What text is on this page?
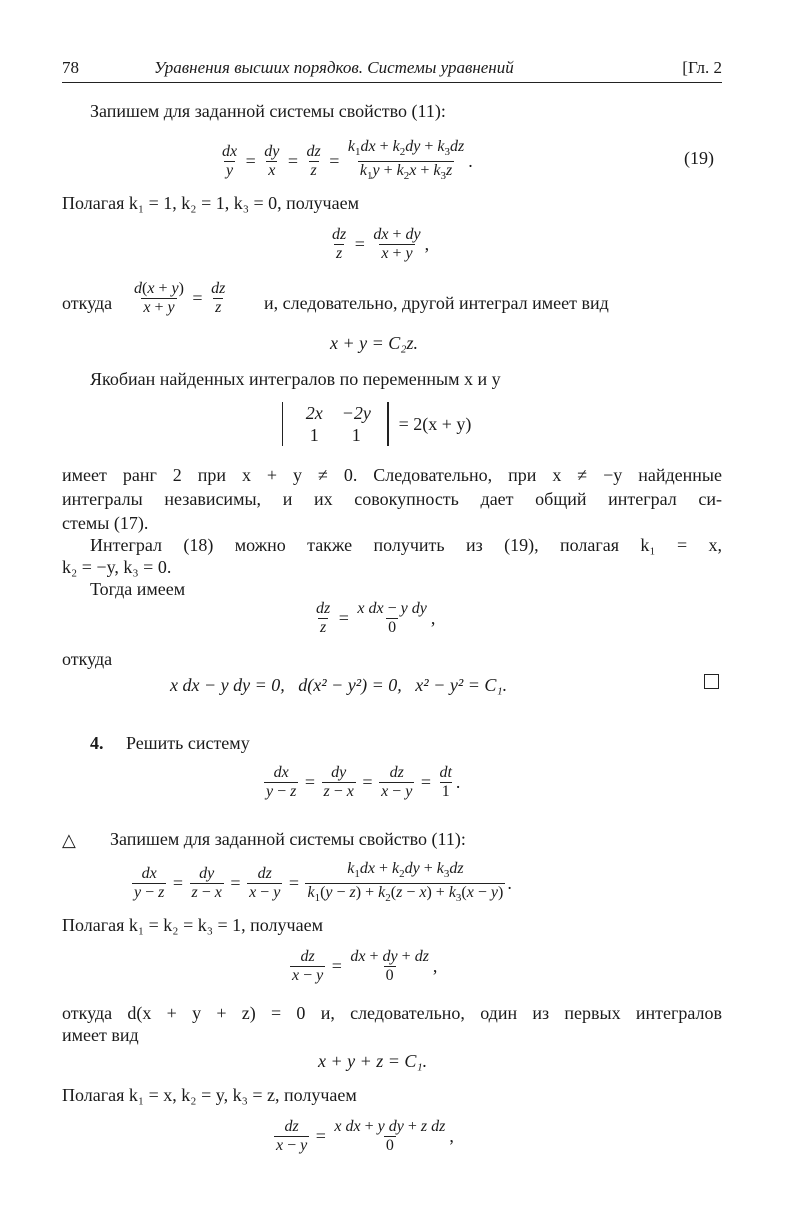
78	Уравнения высших порядков. Системы уравнений	[Гл. 2
Запишем для заданной системы свойство (11):
dx
y = dy
x = dz
z =
$k_1dx + k_2dy + k_3dz$
$k_1y + k_2x + k_3z$ .	(19)
Полагая k₁ = 1, k₂ = 1, k₃ = 0, получаем
dz
z = dx + dy
x + y ,
откуда
d(x + y)
x + y = dz
z и, следовательно, другой интеграл имеет вид
x + y = C₂z.
Якобиан найденных интегралов по переменным x и y
2x	−2y
1	1
= 2(x + y)
имеет ранг 2 при x + y ≠ 0. Следовательно, при x ≠ −y найденные
интегралы независимы, и их совокупность дает общий интеграл си-
стемы (17).
Интеграл (18) можно также получить из (19), полагая k₁ = x,
k₂ = −y, k₃ = 0.
Тогда имеем
dz
z = x dx − y dy
0 ,
откуда
x dx − y dy = 0,   d(x² − y²) = 0,   x² − y² = C₁.
4. Решить систему
dx
y − z = dy
z − x = dz
x − y = dt
1 .
△ Запишем для заданной системы свойство (11):
dx
y − z = dy
z − x = dz
x − y =
$k_1dx + k_2dy + k_3dz$
$k_1(y - z) + k_2(z - x) + k_3(x - y)$ .
Полагая k₁ = k₂ = k₃ = 1, получаем
dz
x − y = dx + dy + dz
0 ,
откуда d(x + y + z) = 0 и, следовательно, один из первых интегралов
имеет вид
x + y + z = C₁.
Полагая k₁ = x, k₂ = y, k₃ = z, получаем
dz
x − y = x dx + y dy + z dz
0	,
